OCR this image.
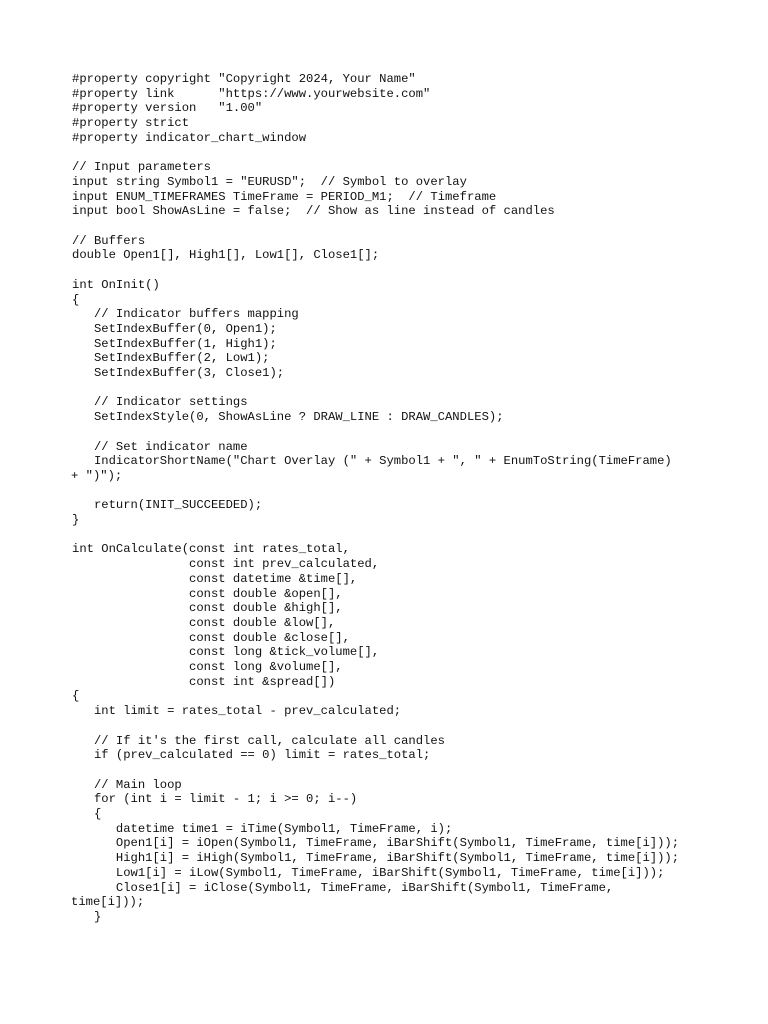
#property copyright "Copyright 2024, Your Name"
#property link      "https://www.yourwebsite.com"
#property version   "1.00"
#property strict
#property indicator_chart_window
// Input parameters
input string Symbol1 = "EURUSD";  // Symbol to overlay
input ENUM_TIMEFRAMES TimeFrame = PERIOD_M1;  // Timeframe
input bool ShowAsLine = false;  // Show as line instead of candles
// Buffers
double Open1[], High1[], Low1[], Close1[];
int OnInit()
{
// Indicator buffers mapping
SetIndexBuffer(0, Open1);
SetIndexBuffer(1, High1);
SetIndexBuffer(2, Low1);
SetIndexBuffer(3, Close1);
// Indicator settings
SetIndexStyle(0, ShowAsLine ? DRAW_LINE : DRAW_CANDLES);
// Set indicator name
IndicatorShortName("Chart Overlay (" + Symbol1 + ", " + EnumToString(TimeFrame)
+ ")");
return(INIT_SUCCEEDED);
}
int OnCalculate(const int rates_total,
const int prev_calculated,
const datetime &time[],
const double &open[],
const double &high[],
const double &low[],
const double &close[],
const long &tick_volume[],
const long &volume[],
const int &spread[])
{
int limit = rates_total - prev_calculated;
// If it's the first call, calculate all candles
if (prev_calculated == 0) limit = rates_total;
// Main loop
for (int i = limit - 1; i >= 0; i--)
{
datetime time1 = iTime(Symbol1, TimeFrame, i);
Open1[i] = iOpen(Symbol1, TimeFrame, iBarShift(Symbol1, TimeFrame, time[i]));
High1[i] = iHigh(Symbol1, TimeFrame, iBarShift(Symbol1, TimeFrame, time[i]));
Low1[i] = iLow(Symbol1, TimeFrame, iBarShift(Symbol1, TimeFrame, time[i]));
Close1[i] = iClose(Symbol1, TimeFrame, iBarShift(Symbol1, TimeFrame,
time[i]));
}
